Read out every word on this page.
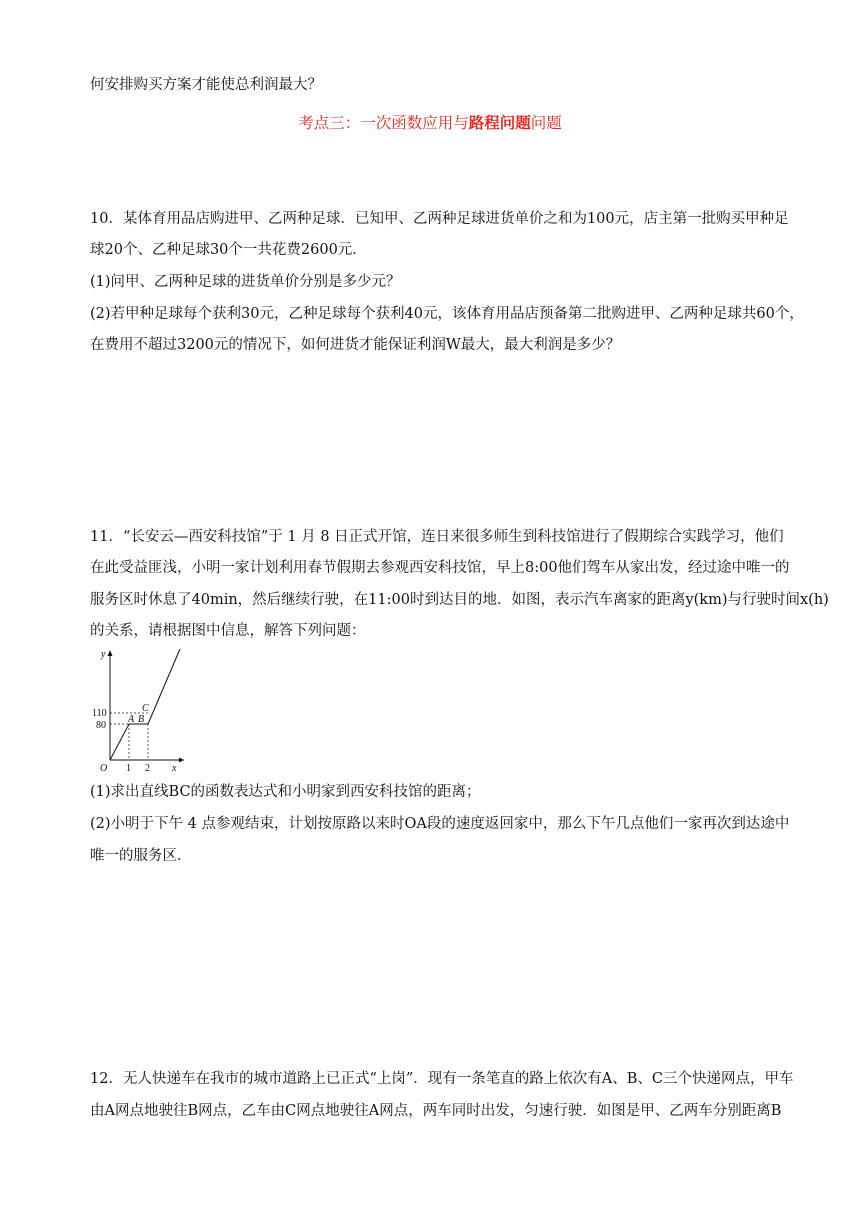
何安排购买方案才能使总利润最大？
考点三：一次函数应用与路程问题问题
10．某体育用品店购进甲、乙两种足球．已知甲、乙两种足球进货单价之和为100元，店主第一批购买甲种足
球20个、乙种足球30个一共花费2600元．
(1)问甲、乙两种足球的进货单价分别是多少元？
(2)若甲种足球每个获利30元，乙种足球每个获利40元，该体育用品店预备第二批购进甲、乙两种足球共60个，
在费用不超过3200元的情况下，如何进货才能保证利润W最大，最大利润是多少？
11．“长安云—西安科技馆”于 1 月 8 日正式开馆，连日来很多师生到科技馆进行了假期综合实践学习，他们
在此受益匪浅，小明一家计划利用春节假期去参观西安科技馆，早上8:00他们驾车从家出发，经过途中唯一的
服务区时休息了40min，然后继续行驶，在11:00时到达目的地．如图，表示汽车离家的距离y(km)与行驶时间x(h)
的关系，请根据图中信息，解答下列问题：
y
x
O
110
80
1 2
A B
C
(1)求出直线BC的函数表达式和小明家到西安科技馆的距离；
(2)小明于下午 4 点参观结束，计划按原路以来时OA段的速度返回家中，那么下午几点他们一家再次到达途中
唯一的服务区．
12．无人快递车在我市的城市道路上已正式“上岗”．现有一条笔直的路上依次有A、B、C三个快递网点，甲车
由A网点地驶往B网点，乙车由C网点地驶往A网点，两车同时出发，匀速行驶．如图是甲、乙两车分别距离B
